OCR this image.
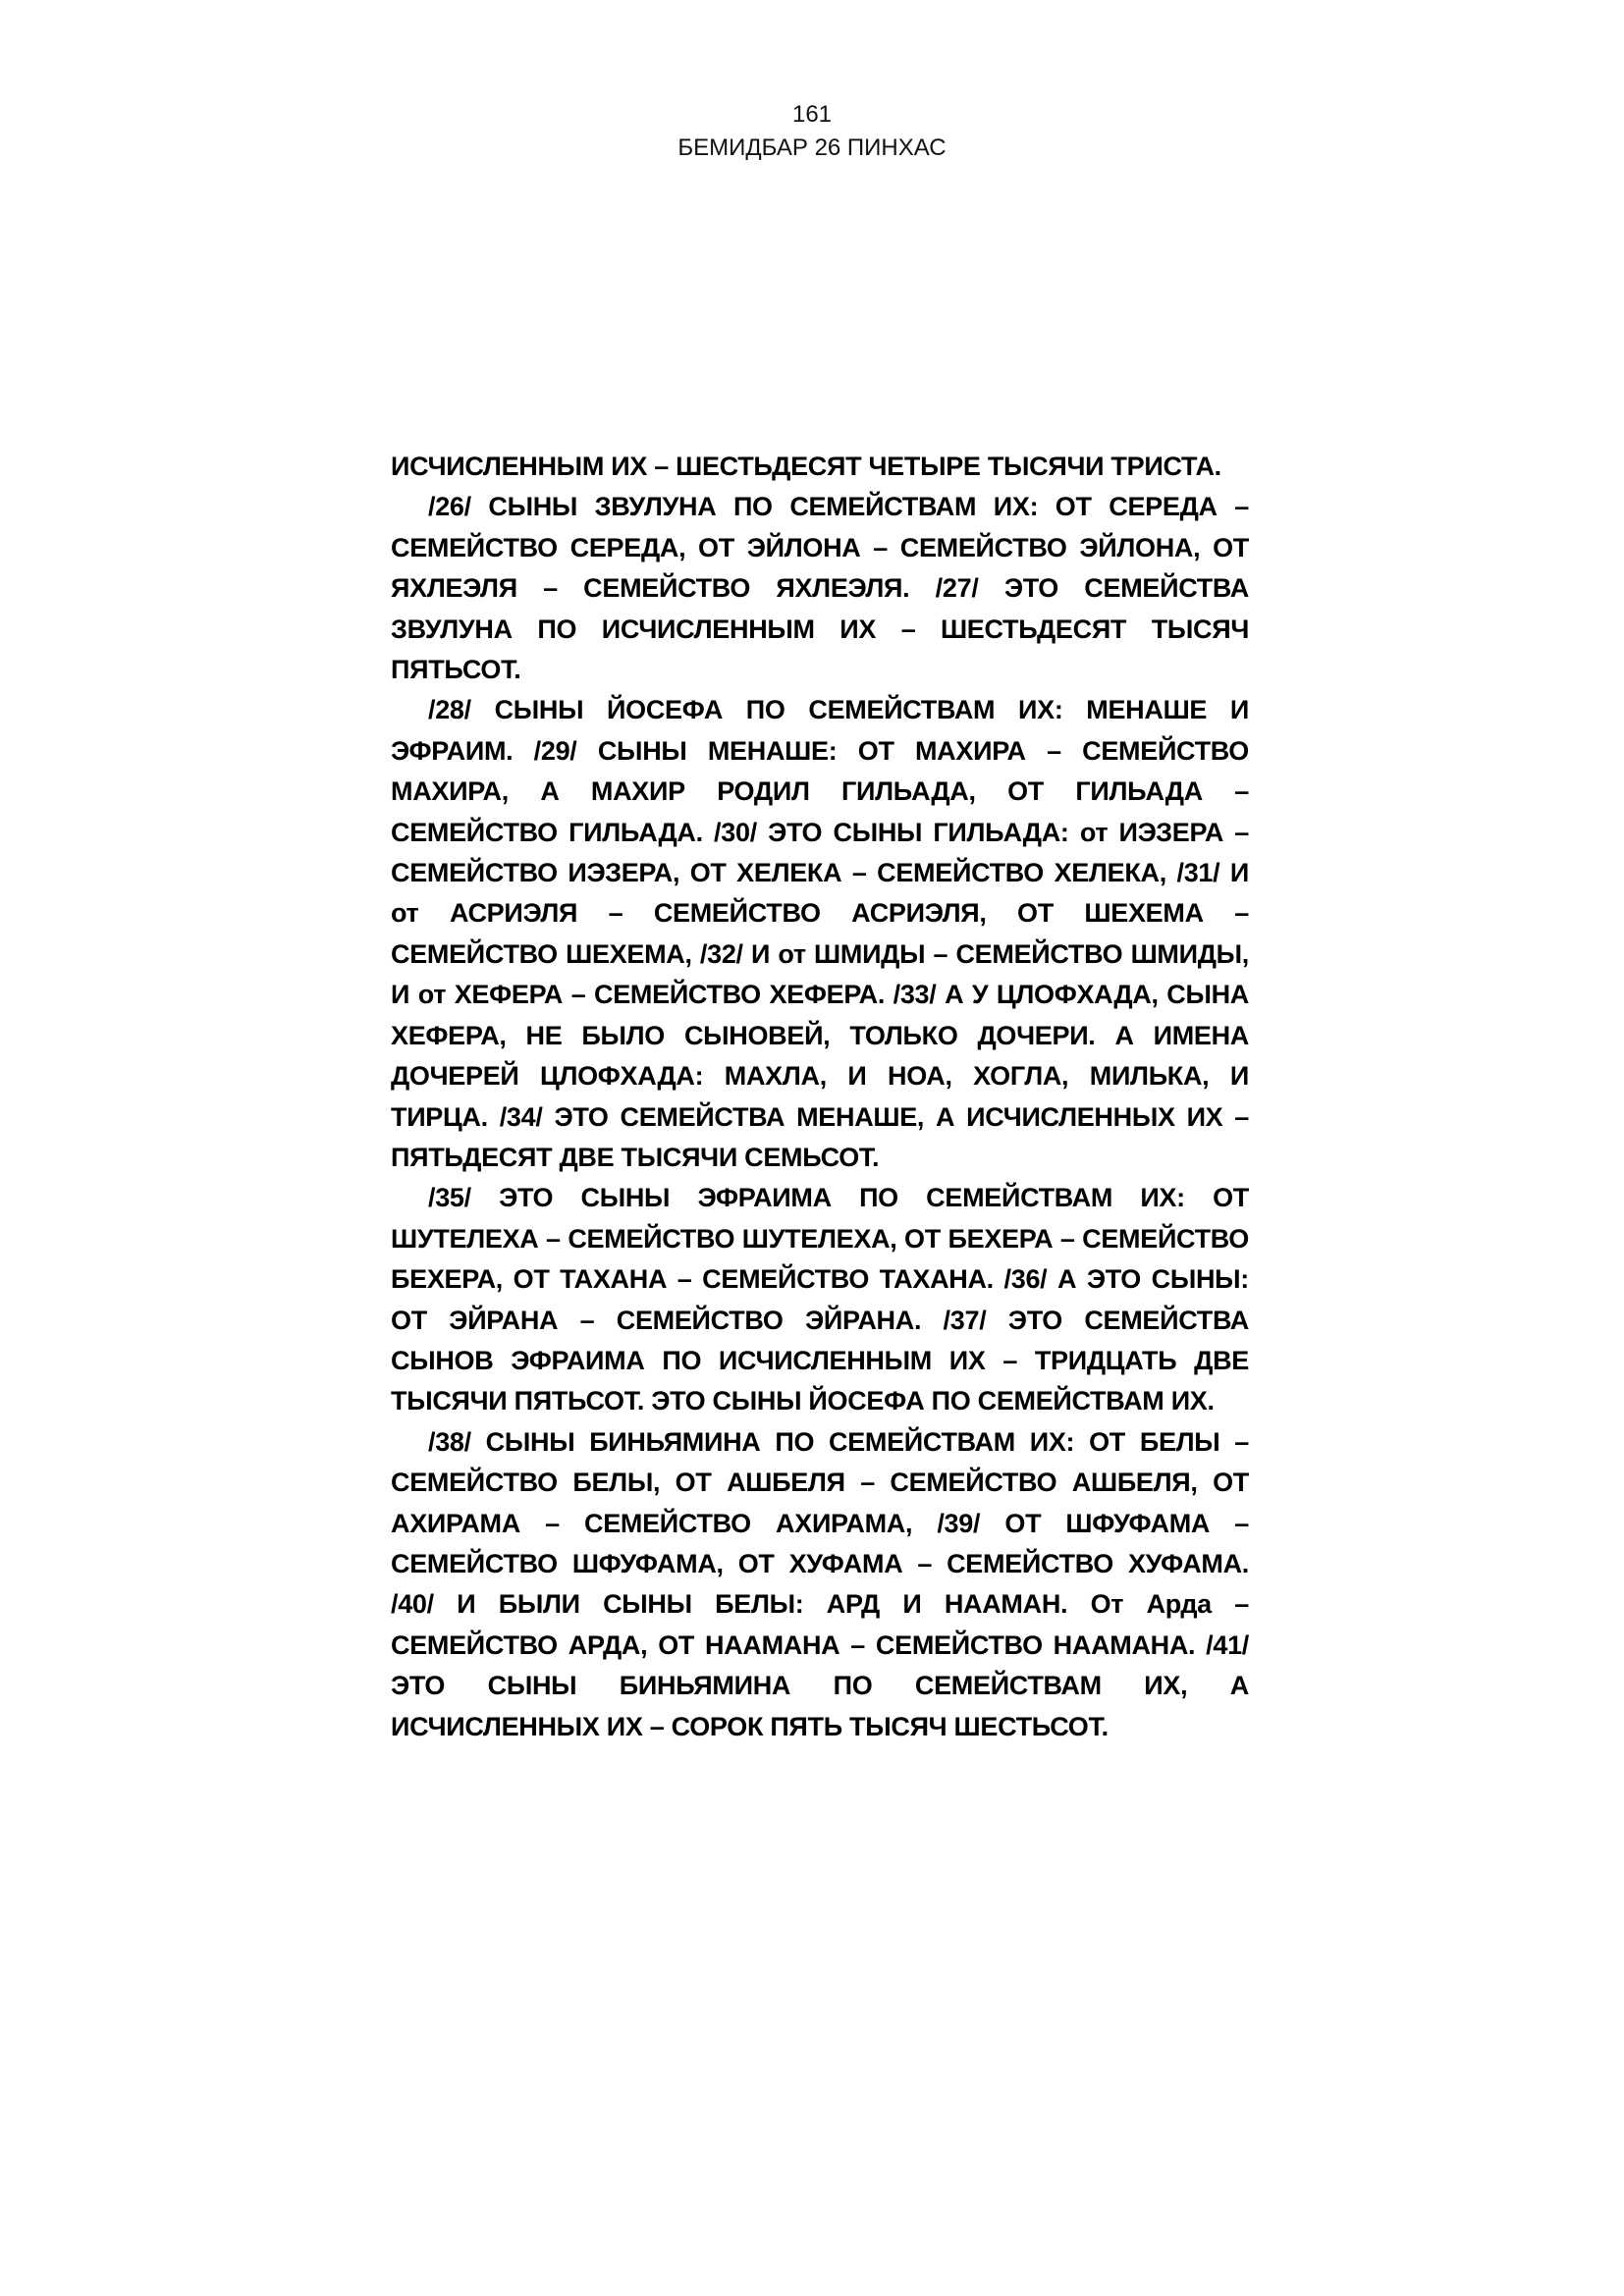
161
БЕМИДБАР 26 ПИНХАС

ИСЧИСЛЕННЫМ ИХ – ШЕСТЬДЕСЯТ ЧЕТЫРЕ ТЫСЯЧИ ТРИСТА.

/26/ СЫНЫ ЗВУЛУНА ПО СЕМЕЙСТВАМ ИХ: ОТ СЕРЕДА – СЕМЕЙСТВО СЕРЕДА, ОТ ЭЙЛОНА – СЕМЕЙСТВО ЭЙЛОНА, ОТ ЯХЛЕЭЛЯ – СЕМЕЙСТВО ЯХЛЕЭЛЯ. /27/ ЭТО СЕМЕЙСТВА ЗВУЛУНА ПО ИСЧИСЛЕННЫМ ИХ – ШЕСТЬДЕСЯТ ТЫСЯЧ ПЯТЬСОТ.

/28/ СЫНЫ ЙОСЕФА ПО СЕМЕЙСТВАМ ИХ: МЕНАШЕ И ЭФРАИМ. /29/ СЫНЫ МЕНАШЕ: ОТ МАХИРА – СЕМЕЙСТВО МАХИРА, А МАХИР РОДИЛ ГИЛЬАДА, ОТ ГИЛЬАДА – СЕМЕЙСТВО ГИЛЬАДА. /30/ ЭТО СЫНЫ ГИЛЬАДА: от ИЭЗЕРА – СЕМЕЙСТВО ИЭЗЕРА, ОТ ХЕЛЕКА – СЕМЕЙСТВО ХЕЛЕКА, /31/ И от АСРИЭЛЯ – СЕМЕЙСТВО АСРИЭЛЯ, ОТ ШЕХЕМА – СЕМЕЙСТВО ШЕХЕМА, /32/ И от ШМИДЫ – СЕМЕЙСТВО ШМИДЫ, И от ХЕФЕРА – СЕМЕЙСТВО ХЕФЕРА. /33/ А У ЦЛОФХАДА, СЫНА ХЕФЕРА, НЕ БЫЛО СЫНОВЕЙ, ТОЛЬКО ДОЧЕРИ. А ИМЕНА ДОЧЕРЕЙ ЦЛОФХАДА: МАХЛА, И НОА, ХОГЛА, МИЛЬКА, И ТИРЦА. /34/ ЭТО СЕМЕЙСТВА МЕНАШЕ, А ИСЧИСЛЕННЫХ ИХ – ПЯТЬДЕСЯТ ДВЕ ТЫСЯЧИ СЕМЬСОТ.

/35/ ЭТО СЫНЫ ЭФРАИМА ПО СЕМЕЙСТВАМ ИХ: ОТ ШУТЕЛЕХА – СЕМЕЙСТВО ШУТЕЛЕХА, ОТ БЕХЕРА – СЕМЕЙСТВО БЕХЕРА, ОТ ТАХАНА – СЕМЕЙСТВО ТАХАНА. /36/ А ЭТО СЫНЫ: ОТ ЭЙРАНА – СЕМЕЙСТВО ЭЙРАНА. /37/ ЭТО СЕМЕЙСТВА СЫНОВ ЭФРАИМА ПО ИСЧИСЛЕННЫМ ИХ – ТРИДЦАТЬ ДВЕ ТЫСЯЧИ ПЯТЬСОТ. ЭТО СЫНЫ ЙОСЕФА ПО СЕМЕЙСТВАМ ИХ.

/38/ СЫНЫ БИНЬЯМИНА ПО СЕМЕЙСТВАМ ИХ: ОТ БЕЛЫ – СЕМЕЙСТВО БЕЛЫ, ОТ АШБЕЛЯ – СЕМЕЙСТВО АШБЕЛЯ, ОТ АХИРАМА – СЕМЕЙСТВО АХИРАМА, /39/ ОТ ШФУФАМА – СЕМЕЙСТВО ШФУФАМА, ОТ ХУФАМА – СЕМЕЙСТВО ХУФАМА. /40/ И БЫЛИ СЫНЫ БЕЛЫ: АРД И НААМАН. От Арда – СЕМЕЙСТВО АРДА, ОТ НААМАНА – СЕМЕЙСТВО НААМАНА. /41/ ЭТО СЫНЫ БИНЬЯМИНА ПО СЕМЕЙСТВАМ ИХ, А ИСЧИСЛЕННЫХ ИХ – СОРОК ПЯТЬ ТЫСЯЧ ШЕСТЬСОТ.
